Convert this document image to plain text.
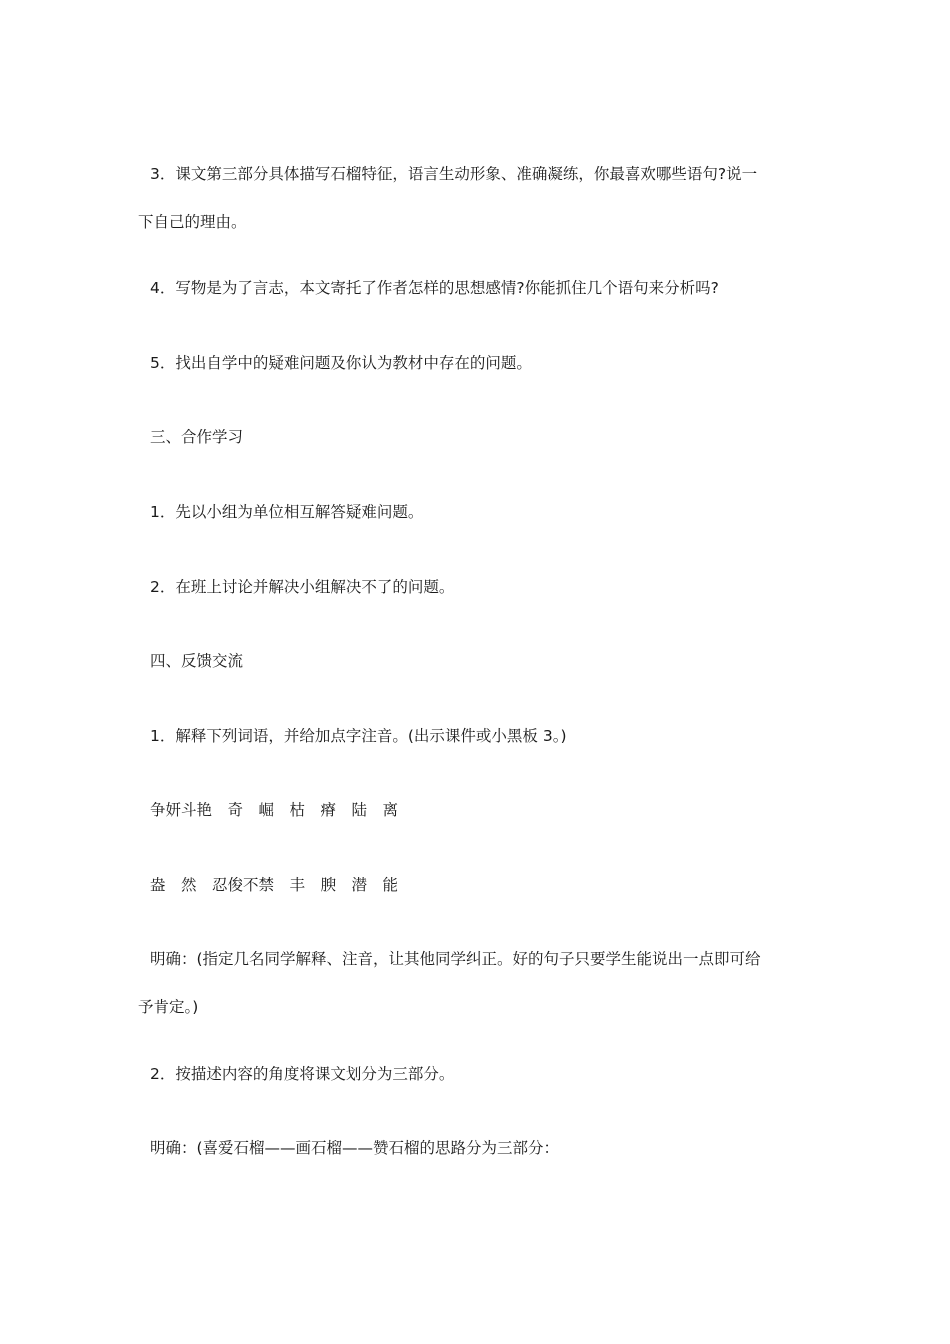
3．课文第三部分具体描写石榴特征，语言生动形象、准确凝练，你最喜欢哪些语句?说一
下自己的理由。
4．写物是为了言志，本文寄托了作者怎样的思想感情?你能抓住几个语句来分析吗?
5．找出自学中的疑难问题及你认为教材中存在的问题。
三、合作学习
1．先以小组为单位相互解答疑难问题。
2．在班上讨论并解决小组解决不了的问题。
四、反馈交流
1．解释下列词语，并给加点字注音。(出示课件或小黑板 3。)
争妍斗艳　奇　崛　枯　瘠　陆　离
盎　然　忍俊不禁　丰　腴　潜　能
明确：(指定几名同学解释、注音，让其他同学纠正。好的句子只要学生能说出一点即可给
予肯定。)
2．按描述内容的角度将课文划分为三部分。
明确：(喜爱石榴——画石榴——赞石榴的思路分为三部分：
